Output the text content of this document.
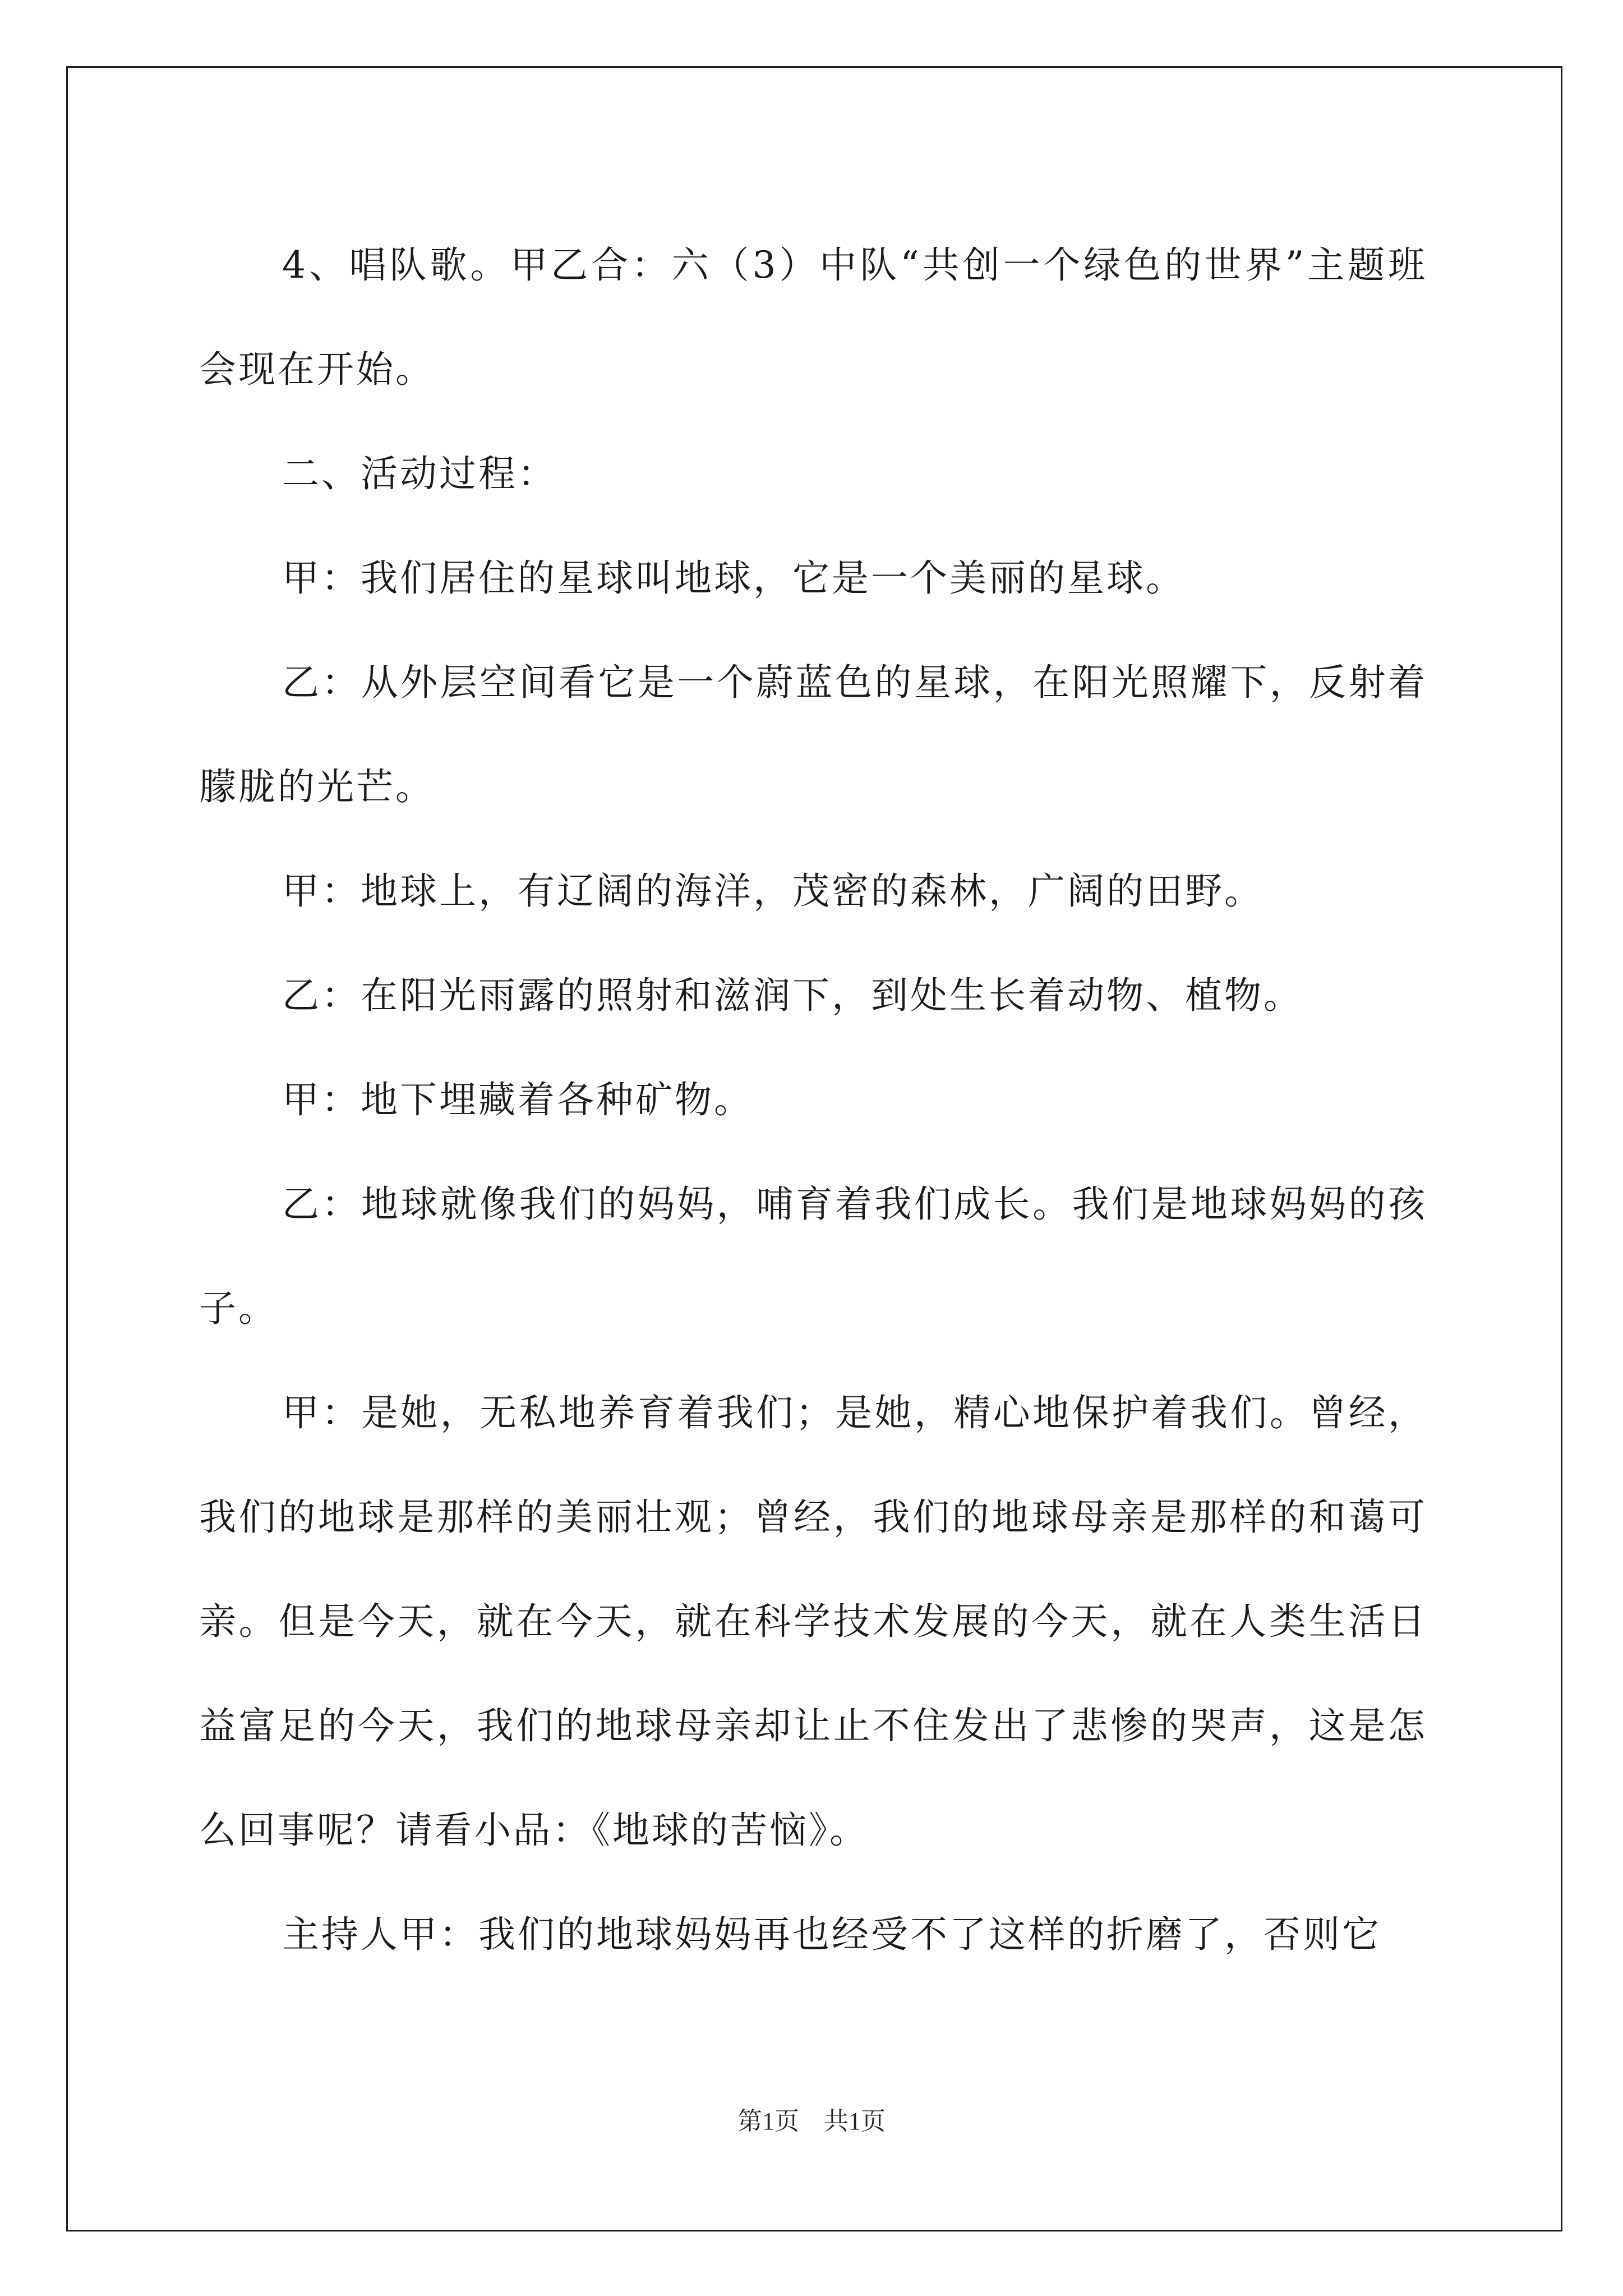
4、唱队歌。甲乙合：六（3）中队“共创一个绿色的世界”主题班会现在开始。

二、活动过程：

甲：我们居住的星球叫地球，它是一个美丽的星球。

乙：从外层空间看它是一个蔚蓝色的星球，在阳光照耀下，反射着朦胧的光芒。

甲：地球上，有辽阔的海洋，茂密的森林，广阔的田野。

乙：在阳光雨露的照射和滋润下，到处生长着动物、植物。

甲：地下埋藏着各种矿物。

乙：地球就像我们的妈妈，哺育着我们成长。我们是地球妈妈的孩子。

甲：是她，无私地养育着我们；是她，精心地保护着我们。曾经，我们的地球是那样的美丽壮观；曾经，我们的地球母亲是那样的和蔼可亲。但是今天，就在今天，就在科学技术发展的今天，就在人类生活日益富足的今天，我们的地球母亲却让止不住发出了悲惨的哭声，这是怎么回事呢？请看小品：《地球的苦恼》。

主持人甲：我们的地球妈妈再也经受不了这样的折磨了，否则它

第1页　共1页
